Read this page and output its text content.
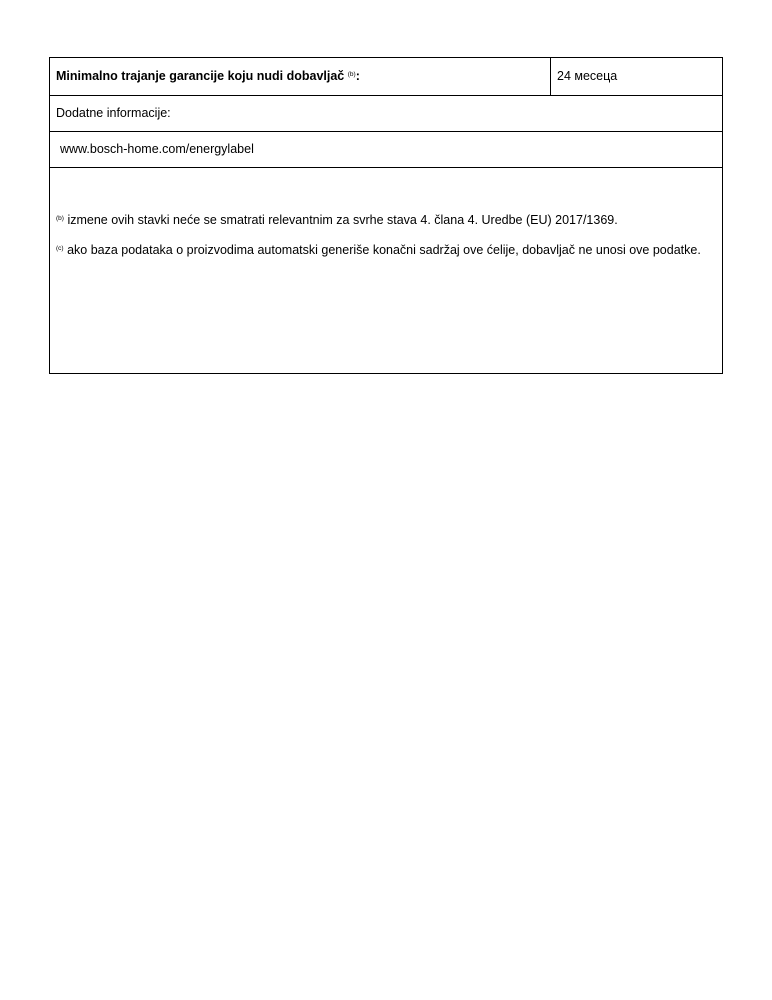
Minimalno trajanje garancije koju nudi dobavljač $^{(b)}$:	24 месеца
Dodatne informacije:
www.bosch-home.com/energylabel

$^{(b)}$ izmene ovih stavki neće se smatrati relevantnim za svrhe stava 4. člana 4. Uredbe (EU) 2017/1369.
$^{(c)}$ ako baza podataka o proizvodima automatski generiše konačni sadržaj ove ćelije, dobavljač ne unosi ove podatke.
